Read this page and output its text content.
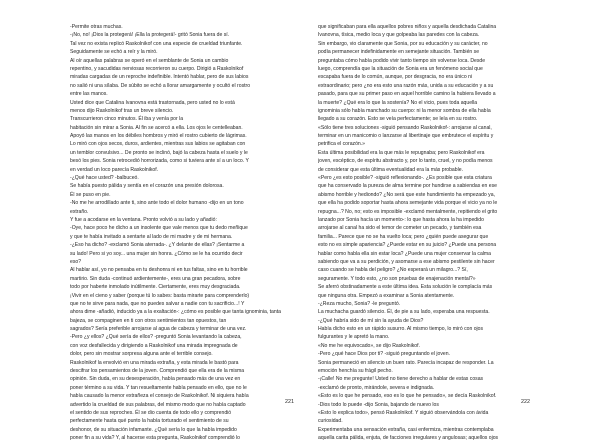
-Permite otras muchas.

-¡No, no! ¡Dios la protegerá! ¡Ella la protegerá!- gritó Sonia fuera de sí.

Tal vez no exista replicó Raskolnikof con una especie de crueldad triunfante.

Seguidamente se echó a reír y la miró.

Al oír aquellas palabras se operó en el semblante de Sonia un cambio

repentino, y sacudidas nerviosas recorrieron su cuerpo. Dirigió a Raskolnikof

miradas cargadas de un reproche indefinible. Intentó hablar, pero de sus labios

no salió ni una sílaba. De súbito se echó a llorar amargamente y ocultó el rostro

entre las manos.

Usted dice que Catalina Ivanovna está trastornada, pero usted no lo está

menos dijo Raskolnikof tras un breve silencio.

Transcurrieron cinco minutos. Él iba y venía por la

habitación sin mirar a Sonia. Al fin se acercó a ella. Los ojos le centelleaban.

Apoyó las manos en los débiles hombros y miró el rostro cubierto de lágrimas.

Lo miró con ojos secos, duros, ardientes, mientras sus labios se agitaban con

un temblor convulsivo... De pronto se inclinó, bajó la cabeza hasta el suelo y le

besó los pies. Sonia retrocedió horrorizada, como si tuviera ante sí a un loco. Y

en verdad un loco parecía Raskolnikof.

-¿Qué hace usted? -balbuceó.

Se había puesto pálida y sentía en el corazón una presión dolorosa.

Él se puso en pie.

-No me he arrodillado ante ti, sino ante todo el dolor humano -dijo en un tono

extraño.

Y fue a acodarse en la ventana. Pronto volvió a su lado y añadió:

-Oye, hace poco he dicho a un insolente que vale menos que tu dedo meñique

y que te había invitado a sentarte al lado de mi madre y de mi hermana.

-¿Eso ha dicho? -exclamó Sonia aterrada-. ¿Y delante de ellas? ¡Sentarme a

su lado! Pero si yo soy... una mujer sin honra. ¿Cómo se le ha ocurrido decir

eso?

Al hablar así, yo no pensaba en tu deshonra ni en tus faltas, sino en tu horrible

martirio. Sin duda -continuó ardientemente-, eres una gran pecadora, sobre

todo por haberte inmolado inútilmente. Ciertamente, eres muy desgraciada.

¡Vivir en el cieno y saber (porque tú lo sabes: basta mirarte para comprenderlo)

que no te sirve para nada, que no puedes salvar a nadie con tu sacrificio...! Y

ahora dime -añadió, inducido ya a la exaltación-: ¿cómo es posible que tanta ignominia, tanta

bajeza, se compaginen en ti con otros sentimientos tan opuestos, tan

sagrados? Sería preferible arrojarse al agua de cabeza y terminar de una vez.

-Pero ¿y ellos? ¿Qué sería de ellos? -preguntó Sonia levantando la cabeza,

con voz desfallecida y dirigiendo a Raskolnikof una mirada impregnada de

dolor, pero sin mostrar sorpresa alguna ante el terrible consejo.

Raskolnikof la envolvió en una mirada extraña, y esta mirada le bastó para

descifrar los pensamientos de la joven. Comprendió que ella era de la misma

opinión. Sin duda, en su desesperación, había pensado más de una vez en

poner término a su vida. Y tan resueltamente había pensado en ello, que no le

había causado la menor extrañeza el consejo de Raskolnikof. Ni siquiera había

advertido la crueldad de sus palabras, del mismo modo que no había captado

el sentido de sus reproches. Él se dio cuenta de todo ello y comprendió

perfectamente hasta qué punto la había torturado el sentimiento de su

deshonor, de su situación infamante. ¿Qué sería lo que la había impedido

poner fin a su vida? Y, al hacerse esta pregunta, Raskolnikof comprendió lo

que significaban para ella aquellos pobres niños y aquella desdichada Catalina

Ivanovna, tísica, medio loca y que golpeaba las paredes con la cabeza.

Sin embargo, vio claramente que Sonia, por su educación y su carácter, no

podía permanecer indefinidamente en semejante situación. También se

preguntaba cómo había podido vivir tanto tiempo sin volverse loca. Desde

luego, comprendía que la situación de Sonia era un fenómeno social que

escapaba fuera de lo común, aunque, por desgracia, no era único ni

extraordinario; pero ¿no era esto una razón más, unida a su educación y a su

pasado, para que su primer paso en aquel horrible camino la hubiera llevado a

la muerte? ¿Qué era lo que la sostenía? No el vicio, pues toda aquella

ignominia sólo había manchado su cuerpo: ni la menor sombra de ella había

llegado a su corazón. Esto se veía perfectamente; se leía en su rostro.

«Sólo tiene tres soluciones -siguió pensando Raskolnikof-: arrojarse al canal,

terminar en un manicomio o lanzarse al libertinaje que embrutece el espíritu y

petrifica el corazón.»

Esta última posibilidad era la que más le repugnaba; pero Raskolnikof era

joven, escéptico, de espíritu abstracto y, por lo tanto, cruel, y no podía menos

de considerar que esta última eventualidad era la más probable.

«Pero ¿es esto posible? -siguió reflexionando-. ¿Es posible que esta criatura

que ha conservado la pureza de alma termine por hundirse a sabiendas en ese

abismo horrible y hediondo? ¿No será que este hundimiento ha empezado ya,

que ella ha podido soportar hasta ahora semejante vida porque el vicio ya no le

repugna...? No, no; esto es imposible -exclamó mentalmente, repitiendo el grito

lanzado por Sonia hacía un momento-: lo que hasta ahora la ha impedido

arrojarse al canal ha sido el temor de cometer un pecado, y también esa

familia... Parece que no se ha vuelto loca; pero ¿quién puede asegurar que

esto no es simple apariencia? ¿Puede estar en su juicio? ¿Puede una persona

hablar como habla ella sin estar loca? ¿Puede una mujer conservar la calma

sabiendo que va a su perdición, y asomarse a ese abismo pestilente sin hacer

caso cuando se habla del peligro? ¿No esperará un milagro...? Sí,

seguramente. Y todo esto, ¿no son pruebas de enajenación mental?»

Se aferró obstinadamente a este última idea. Esta solución le complacía más

que ninguna otra. Empezó a examinar a Sonia atentamente.

-¿Reza mucho, Sonia? -le preguntó.

La muchacha guardó silencio. Él, de pie a su lado, esperaba una respuesta.

-¿Qué habría sido de mí sin la ayuda de Dios?

Había dicho esto en un rápido susurro. Al mismo tiempo, lo miró con ojos

fulgurantes y le apretó la mano.

«No me he equivocado», se dijo Raskolnikof.

-Pero ¿qué hace Dios por ti? -siguió preguntando el joven.

Sonia permaneció en silencio un buen rato. Parecía incapaz de responder. La

emoción henchía su frágil pecho.

-¡Calle! No me pregunte! Usted no tiene derecho a hablar de estas cosas

-exclamó de pronto, mirándole, severa e indignada.

«Esto es lo que he pensado, eso es lo que he pensado», se decía Raskolnikof.

-Dios todo lo puede -dijo Sonia, bajando de nuevo los

«Esto lo explica todo», pensó Raskolnikof. Y siguió observándola con ávida

curiosidad.

Experimentaba una sensación extraña, casi enfermiza, mientras contemplaba

aquella carita pálida, enjuta, de facciones irregulares y angulosas; aquellos ojos

221	222
